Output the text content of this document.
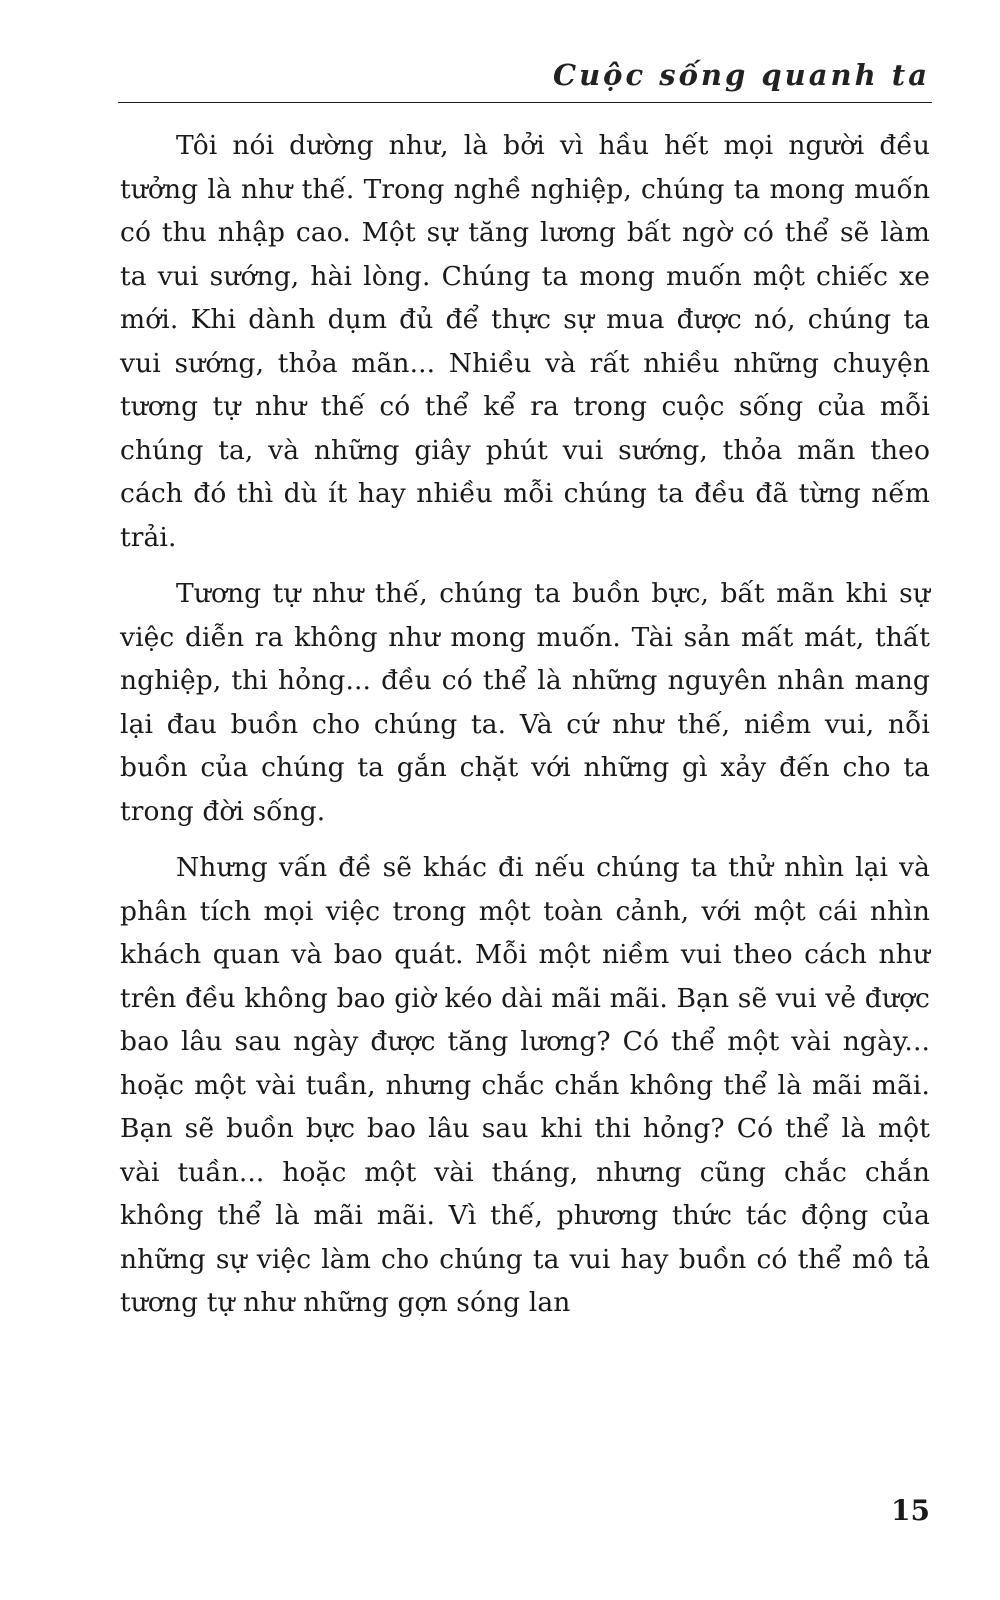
Cuộc sống quanh ta

Tôi nói dường như, là bởi vì hầu hết mọi người đều tưởng là như thế. Trong nghề nghiệp, chúng ta mong muốn có thu nhập cao. Một sự tăng lương bất ngờ có thể sẽ làm ta vui sướng, hài lòng. Chúng ta mong muốn một chiếc xe mới. Khi dành dụm đủ để thực sự mua được nó, chúng ta vui sướng, thỏa mãn... Nhiều và rất nhiều những chuyện tương tự như thế có thể kể ra trong cuộc sống của mỗi chúng ta, và những giây phút vui sướng, thỏa mãn theo cách đó thì dù ít hay nhiều mỗi chúng ta đều đã từng nếm trải.

Tương tự như thế, chúng ta buồn bực, bất mãn khi sự việc diễn ra không như mong muốn. Tài sản mất mát, thất nghiệp, thi hỏng... đều có thể là những nguyên nhân mang lại đau buồn cho chúng ta. Và cứ như thế, niềm vui, nỗi buồn của chúng ta gắn chặt với những gì xảy đến cho ta trong đời sống.

Nhưng vấn đề sẽ khác đi nếu chúng ta thử nhìn lại và phân tích mọi việc trong một toàn cảnh, với một cái nhìn khách quan và bao quát. Mỗi một niềm vui theo cách như trên đều không bao giờ kéo dài mãi mãi. Bạn sẽ vui vẻ được bao lâu sau ngày được tăng lương? Có thể một vài ngày... hoặc một vài tuần, nhưng chắc chắn không thể là mãi mãi. Bạn sẽ buồn bực bao lâu sau khi thi hỏng? Có thể là một vài tuần... hoặc một vài tháng, nhưng cũng chắc chắn không thể là mãi mãi. Vì thế, phương thức tác động của những sự việc làm cho chúng ta vui hay buồn có thể mô tả tương tự như những gợn sóng lan

15
